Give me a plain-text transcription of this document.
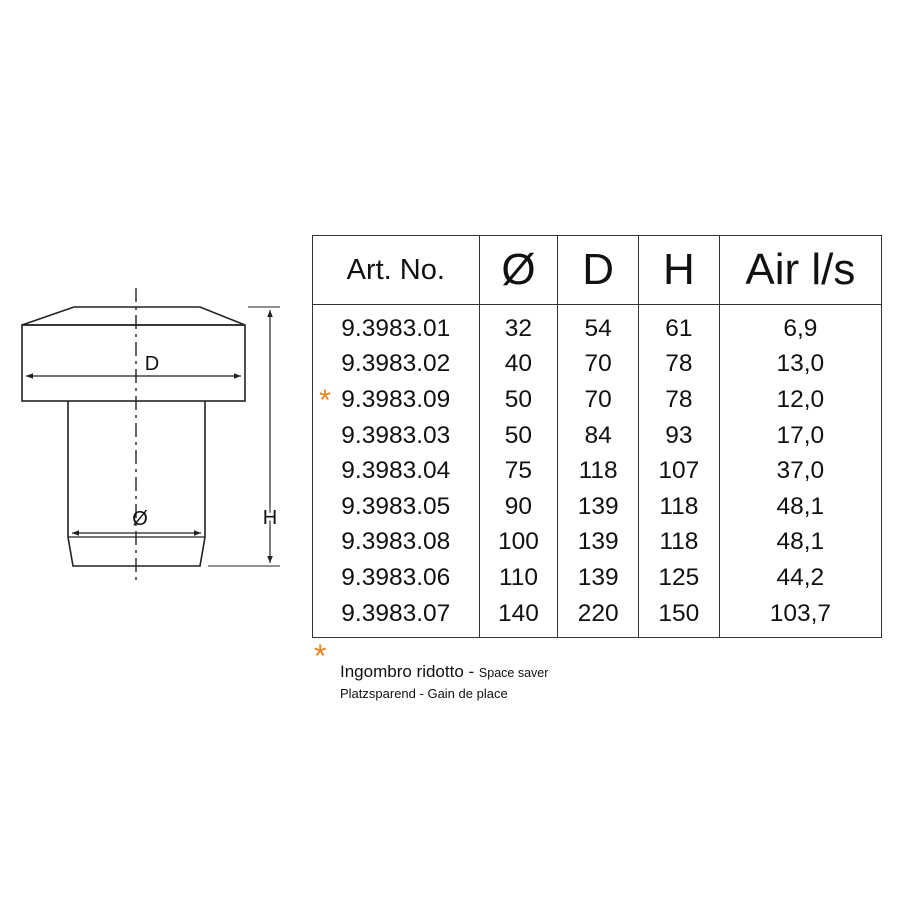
D
Ø	H
Art. No.	Ø	D	H	Air l/s
9.3983.01	32	54	61	6,9
9.3983.02	40	70	78	13,0
9.3983.09	50	70	78	12,0
9.3983.03	50	84	93	17,0
9.3983.04	75	118	107	37,0
9.3983.05	90	139	118	48,1
9.3983.08	100	139	118	48,1
9.3983.06	110	139	125	44,2
9.3983.07	140	220	150	103,7
*
* Ingombro ridotto - Space saver
Platzsparend - Gain de place
